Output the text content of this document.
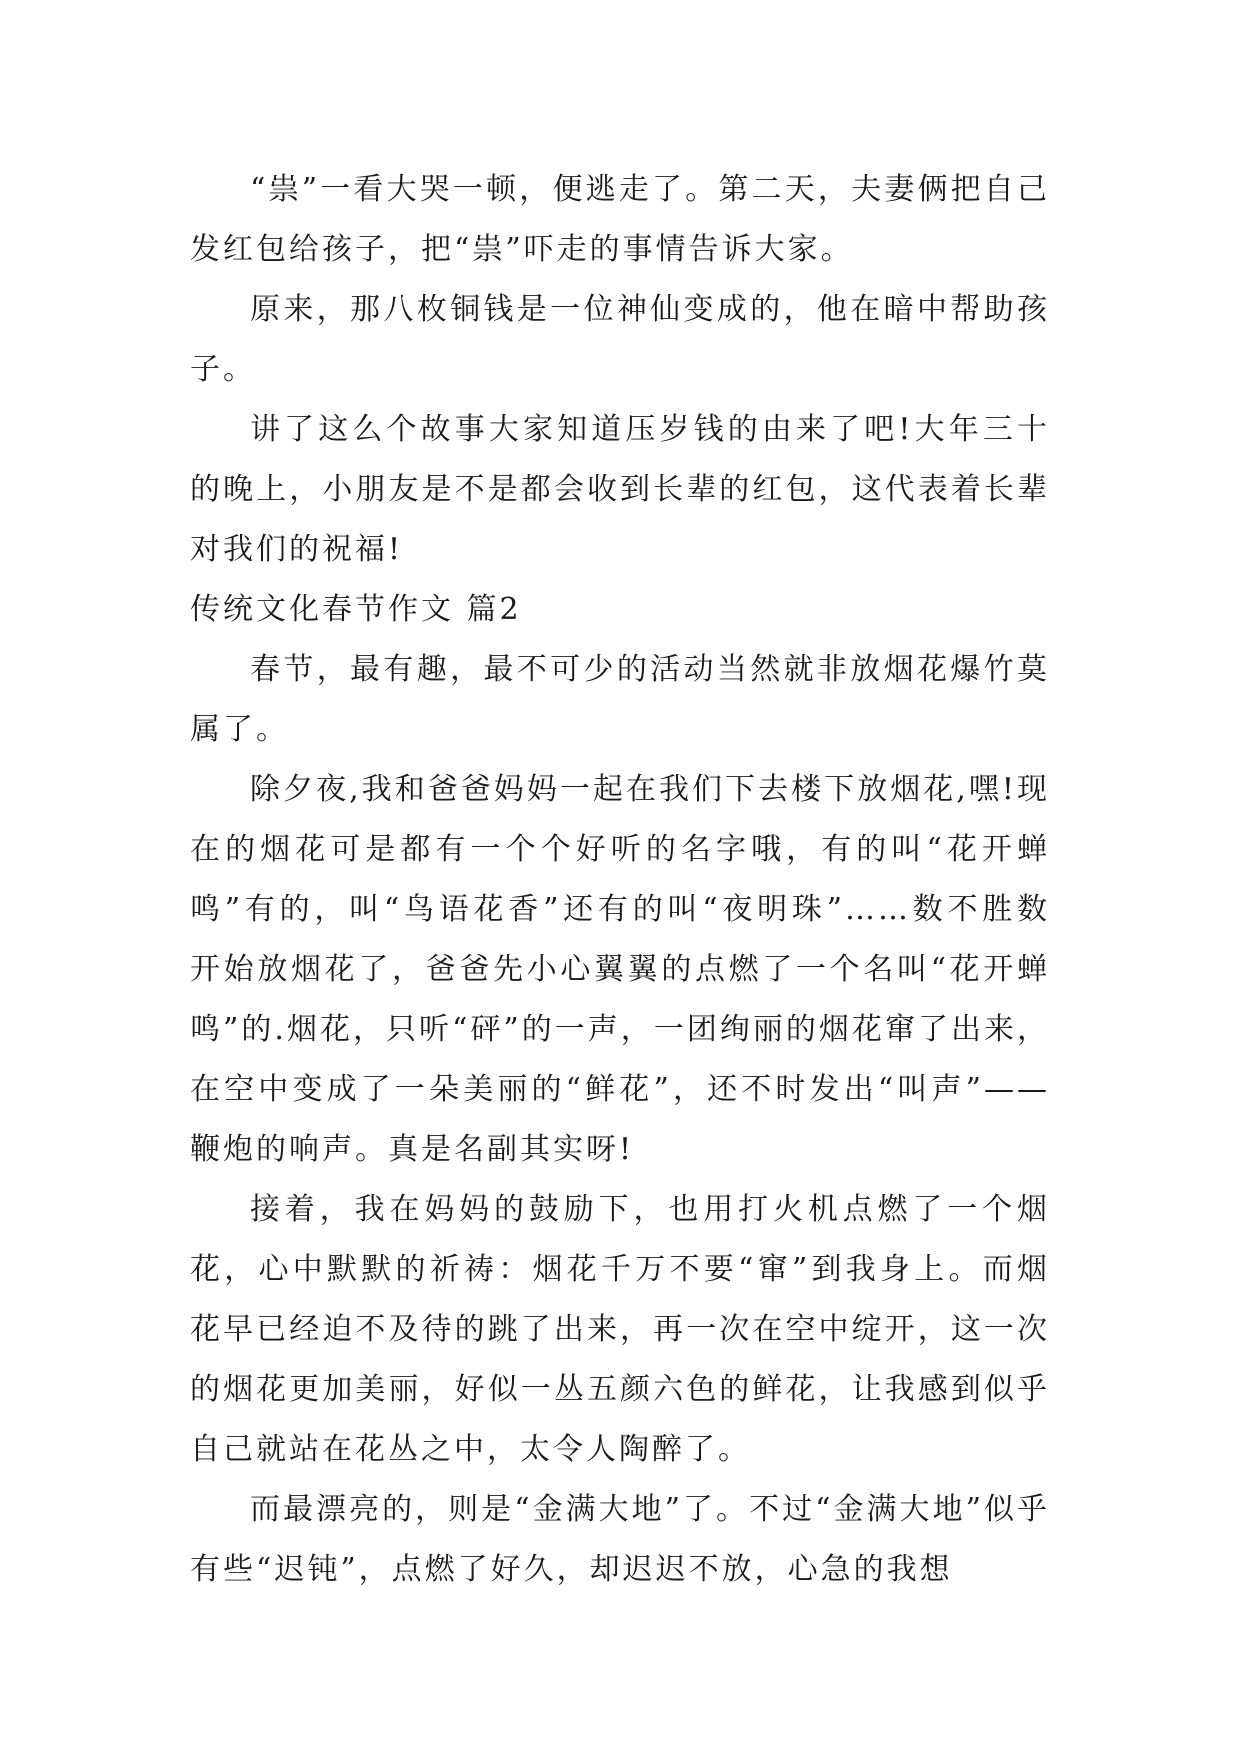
“祟”一看大哭一顿，便逃走了。第二天，夫妻俩把自己发红包给孩子，把“祟”吓走的事情告诉大家。

原来，那八枚铜钱是一位神仙变成的，他在暗中帮助孩子。

讲了这么个故事大家知道压岁钱的由来了吧!大年三十的晚上，小朋友是不是都会收到长辈的红包，这代表着长辈对我们的祝福!

传统文化春节作文 篇2

春节，最有趣，最不可少的活动当然就非放烟花爆竹莫属了。

除夕夜,我和爸爸妈妈一起在我们下去楼下放烟花,嘿!现在的烟花可是都有一个个好听的名字哦，有的叫“花开蝉鸣”有的，叫“鸟语花香”还有的叫“夜明珠”……数不胜数　开始放烟花了，爸爸先小心翼翼的点燃了一个名叫“花开蝉鸣”的.烟花，只听“砰”的一声，一团绚丽的烟花窜了出来，在空中变成了一朵美丽的“鲜花”，还不时发出“叫声”——鞭炮的响声。真是名副其实呀!

接着，我在妈妈的鼓励下，也用打火机点燃了一个烟花，心中默默的祈祷：烟花千万不要“窜”到我身上。而烟花早已经迫不及待的跳了出来，再一次在空中绽开，这一次的烟花更加美丽，好似一丛五颜六色的鲜花，让我感到似乎自己就站在花丛之中，太令人陶醉了。

而最漂亮的，则是“金满大地”了。不过“金满大地”似乎有些“迟钝”，点燃了好久，却迟迟不放，心急的我想
